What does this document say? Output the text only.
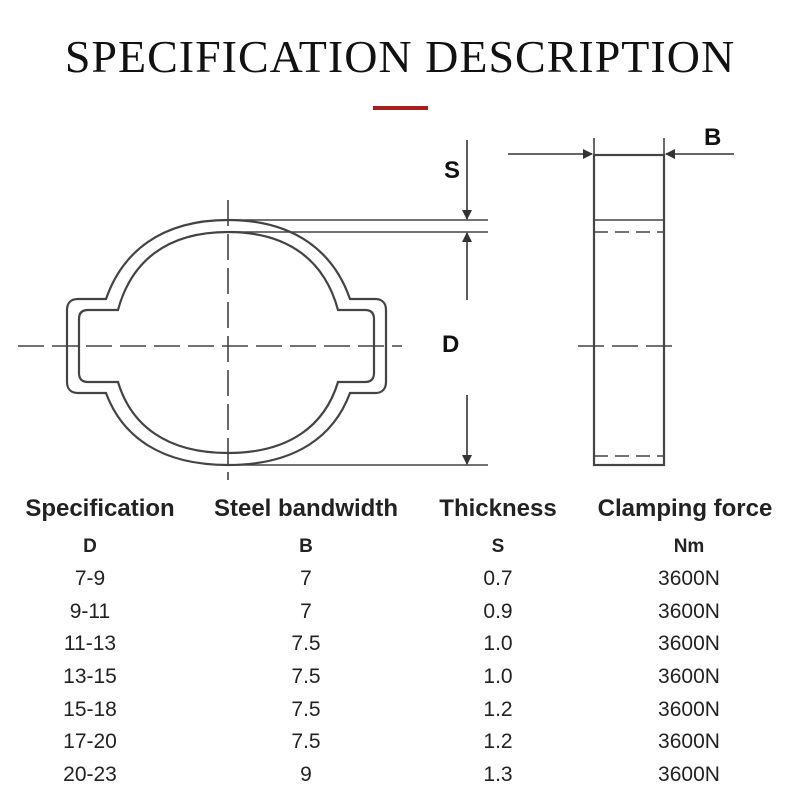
SPECIFICATION DESCRIPTION
S
D
B
Specification	Steel bandwidth	Thickness	Clamping force
D	B	S	Nm
7-9	7	0.7	3600N
9-11	7	0.9	3600N
11-13	7.5	1.0	3600N
13-15	7.5	1.0	3600N
15-18	7.5	1.2	3600N
17-20	7.5	1.2	3600N
20-23	9	1.3	3600N
